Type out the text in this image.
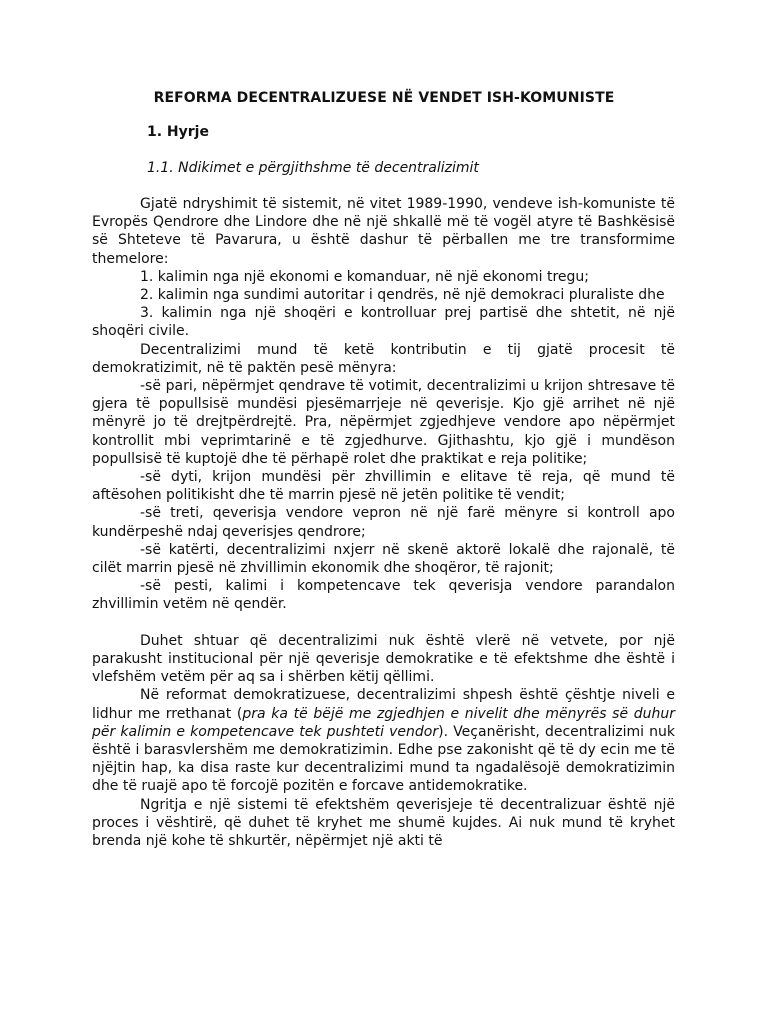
REFORMA DECENTRALIZUESE NË VENDET ISH-KOMUNISTE
1. Hyrje
1.1. Ndikimet e përgjithshme të decentralizimit

Gjatë ndryshimit të sistemit, në vitet 1989-1990, vendeve ish-komuniste të Evropës Qendrore dhe Lindore dhe në një shkallë më të vogël atyre të Bashkësisë së Shteteve të Pavarura, u është dashur të përballen me tre transformime themelore:

1. kalimin nga një ekonomi e komanduar, në një ekonomi tregu;

2. kalimin nga sundimi autoritar i qendrës, në një demokraci pluraliste dhe

3. kalimin nga një shoqëri e kontrolluar prej partisë dhe shtetit, në një shoqëri civile.

Decentralizimi mund të ketë kontributin e tij gjatë procesit të demokratizimit, në të paktën pesë mënyra:

-së pari, nëpërmjet qendrave të votimit, decentralizimi u krijon shtresave të gjera të popullsisë mundësi pjesëmarrjeje në qeverisje. Kjo gjë arrihet në një mënyrë jo të drejtpërdrejtë. Pra, nëpërmjet zgjedhjeve vendore apo nëpërmjet kontrollit mbi veprimtarinë e të zgjedhurve. Gjithashtu, kjo gjë i mundëson popullsisë të kuptojë dhe të përhapë rolet dhe praktikat e reja politike;

-së dyti, krijon mundësi për zhvillimin e elitave të reja, që mund të aftësohen politikisht dhe të marrin pjesë në jetën politike të vendit;

-së treti, qeverisja vendore vepron në një farë mënyre si kontroll apo kundërpeshë ndaj qeverisjes qendrore;

-së katërti, decentralizimi nxjerr në skenë aktorë lokalë dhe rajonalë, të cilët marrin pjesë në zhvillimin ekonomik dhe shoqëror, të rajonit;

-së pesti, kalimi i kompetencave tek qeverisja vendore parandalon zhvillimin vetëm në qendër.

Duhet shtuar që decentralizimi nuk është vlerë në vetvete, por një parakusht institucional për një qeverisje demokratike e të efektshme dhe është i vlefshëm vetëm për aq sa i shërben këtij qëllimi.

Në reformat demokratizuese, decentralizimi shpesh është çështje niveli e lidhur me rrethanat (pra ka të bëjë me zgjedhjen e nivelit dhe mënyrës së duhur për kalimin e kompetencave tek pushteti vendor). Veçanërisht, decentralizimi nuk është i barasvlershëm me demokratizimin. Edhe pse zakonisht që të dy ecin me të njëjtin hap, ka disa raste kur decentralizimi mund ta ngadalësojë demokratizimin dhe të ruajë apo të forcojë pozitën e forcave antidemokratike.

Ngritja e një sistemi të efektshëm qeverisjeje të decentralizuar është një proces i vështirë, që duhet të kryhet me shumë kujdes. Ai nuk mund të kryhet brenda një kohe të shkurtër, nëpërmjet një akti të
